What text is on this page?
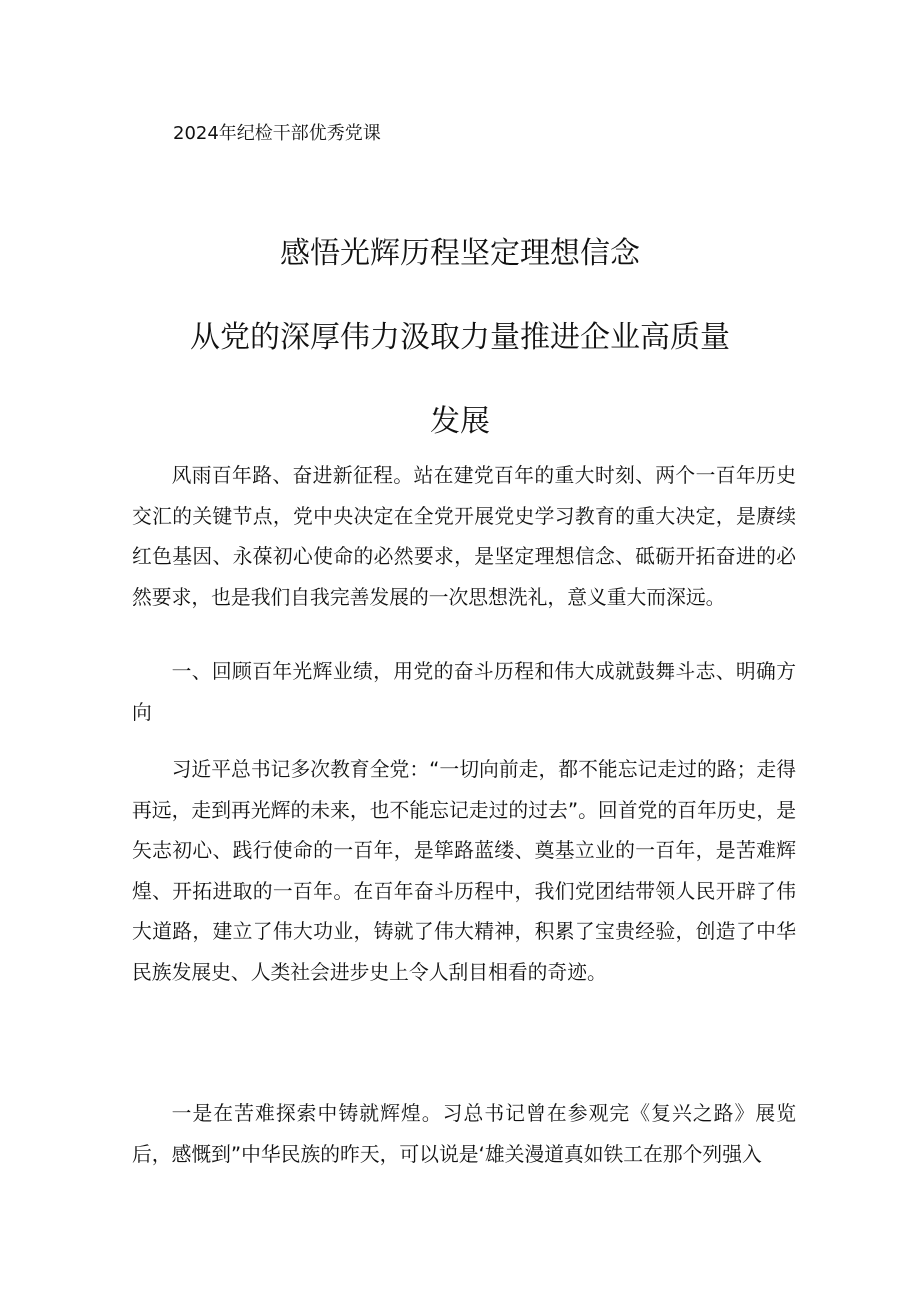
2024年纪检干部优秀党课
感悟光辉历程坚定理想信念
从党的深厚伟力汲取力量推进企业高质量
发展

风雨百年路、奋进新征程。站在建党百年的重大时刻、两个一百年历史交汇的关键节点，党中央决定在全党开展党史学习教育的重大决定，是赓续红色基因、永葆初心使命的必然要求，是坚定理想信念、砥砺开拓奋进的必然要求，也是我们自我完善发展的一次思想洗礼，意义重大而深远。

一、回顾百年光辉业绩，用党的奋斗历程和伟大成就鼓舞斗志、明确方向

习近平总书记多次教育全党：“一切向前走，都不能忘记走过的路；走得再远，走到再光辉的未来，也不能忘记走过的过去”。回首党的百年历史，是矢志初心、践行使命的一百年，是筚路蓝缕、奠基立业的一百年，是苦难辉煌、开拓进取的一百年。在百年奋斗历程中，我们党团结带领人民开辟了伟大道路，建立了伟大功业，铸就了伟大精神，积累了宝贵经验，创造了中华民族发展史、人类社会进步史上令人刮目相看的奇迹。

一是在苦难探索中铸就辉煌。习总书记曾在参观完《复兴之路》展览后，感慨到”中华民族的昨天，可以说是‘雄关漫道真如铁工在那个列强入
